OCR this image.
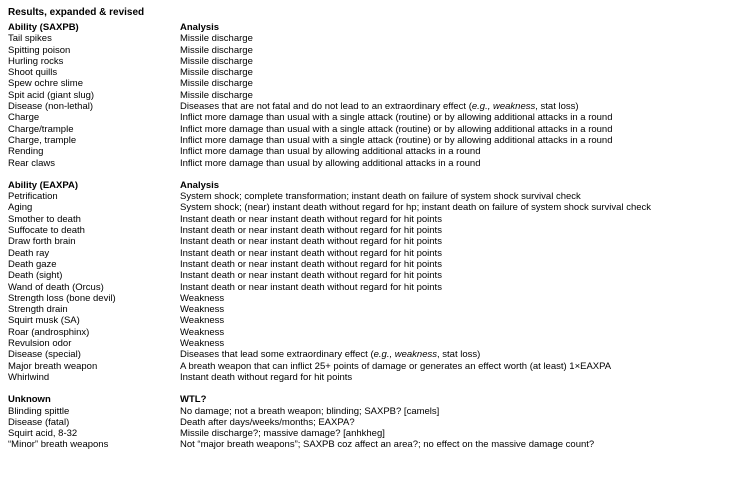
Results, expanded & revised
Ability (SAXPB)	Analysis
Tail spikes	Missile discharge
Spitting poison	Missile discharge
Hurling rocks	Missile discharge
Shoot quills	Missile discharge
Spew ochre slime	Missile discharge
Spit acid (giant slug)	Missile discharge
Disease (non-lethal)	Diseases that are not fatal and do not lead to an extraordinary effect (e.g., weakness, stat loss)
Charge	Inflict more damage than usual with a single attack (routine) or by allowing additional attacks in a round
Charge/trample	Inflict more damage than usual with a single attack (routine) or by allowing additional attacks in a round
Charge, trample	Inflict more damage than usual with a single attack (routine) or by allowing additional attacks in a round
Rending	Inflict more damage than usual by allowing additional attacks in a round
Rear claws	Inflict more damage than usual by allowing additional attacks in a round

Ability (EAXPA)	Analysis
Petrification	System shock; complete transformation; instant death on failure of system shock survival check
Aging	System shock; (near) instant death without regard for hp; instant death on failure of system shock survival check
Smother to death	Instant death or near instant death without regard for hit points
Suffocate to death	Instant death or near instant death without regard for hit points
Draw forth brain	Instant death or near instant death without regard for hit points
Death ray	Instant death or near instant death without regard for hit points
Death gaze	Instant death or near instant death without regard for hit points
Death (sight)	Instant death or near instant death without regard for hit points
Wand of death (Orcus)	Instant death or near instant death without regard for hit points
Strength loss (bone devil)	Weakness
Strength drain	Weakness
Squirt musk (SA)	Weakness
Roar (androsphinx)	Weakness
Revulsion odor	Weakness
Disease (special)	Diseases that lead some extraordinary effect (e.g., weakness, stat loss)
Major breath weapon	A breath weapon that can inflict 25+ points of damage or generates an effect worth (at least) 1×EAXPA
Whirlwind	Instant death without regard for hit points

Unknown	WTL?
Blinding spittle	No damage; not a breath weapon; blinding; SAXPB? [camels]
Disease (fatal)	Death after days/weeks/months; EAXPA?
Squirt acid, 8-32	Missile discharge?; massive damage? [anhkheg]
“Minor” breath weapons	Not “major breath weapons”; SAXPB coz affect an area?; no effect on the massive damage count?
